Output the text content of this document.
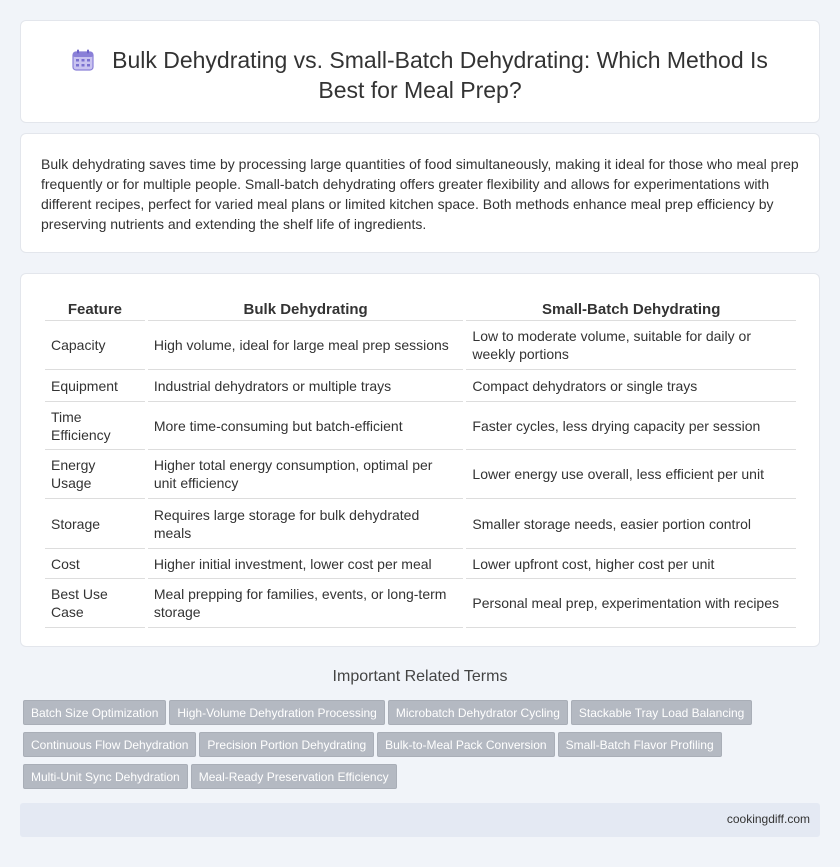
Bulk Dehydrating vs. Small-Batch Dehydrating: Which Method Is Best for Meal Prep?

Bulk dehydrating saves time by processing large quantities of food simultaneously, making it ideal for those who meal prep frequently or for multiple people. Small-batch dehydrating offers greater flexibility and allows for experimentations with different recipes, perfect for varied meal plans or limited kitchen space. Both methods enhance meal prep efficiency by preserving nutrients and extending the shelf life of ingredients.

Feature	Bulk Dehydrating	Small-Batch Dehydrating
Capacity	High volume, ideal for large meal prep sessions	Low to moderate volume, suitable for daily or weekly portions
Equipment	Industrial dehydrators or multiple trays	Compact dehydrators or single trays
Time Efficiency	More time-consuming but batch-efficient	Faster cycles, less drying capacity per session
Energy Usage	Higher total energy consumption, optimal per unit efficiency	Lower energy use overall, less efficient per unit
Storage	Requires large storage for bulk dehydrated meals	Smaller storage needs, easier portion control
Cost	Higher initial investment, lower cost per meal	Lower upfront cost, higher cost per unit
Best Use Case	Meal prepping for families, events, or long-term storage	Personal meal prep, experimentation with recipes
Important Related Terms
Batch Size Optimization High-Volume Dehydration Processing Microbatch Dehydrator Cycling Stackable Tray Load Balancing
Continuous Flow Dehydration Precision Portion Dehydrating Bulk-to-Meal Pack Conversion Small-Batch Flavor Profiling
Multi-Unit Sync Dehydration Meal-Ready Preservation Efficiency
cookingdiff.com
